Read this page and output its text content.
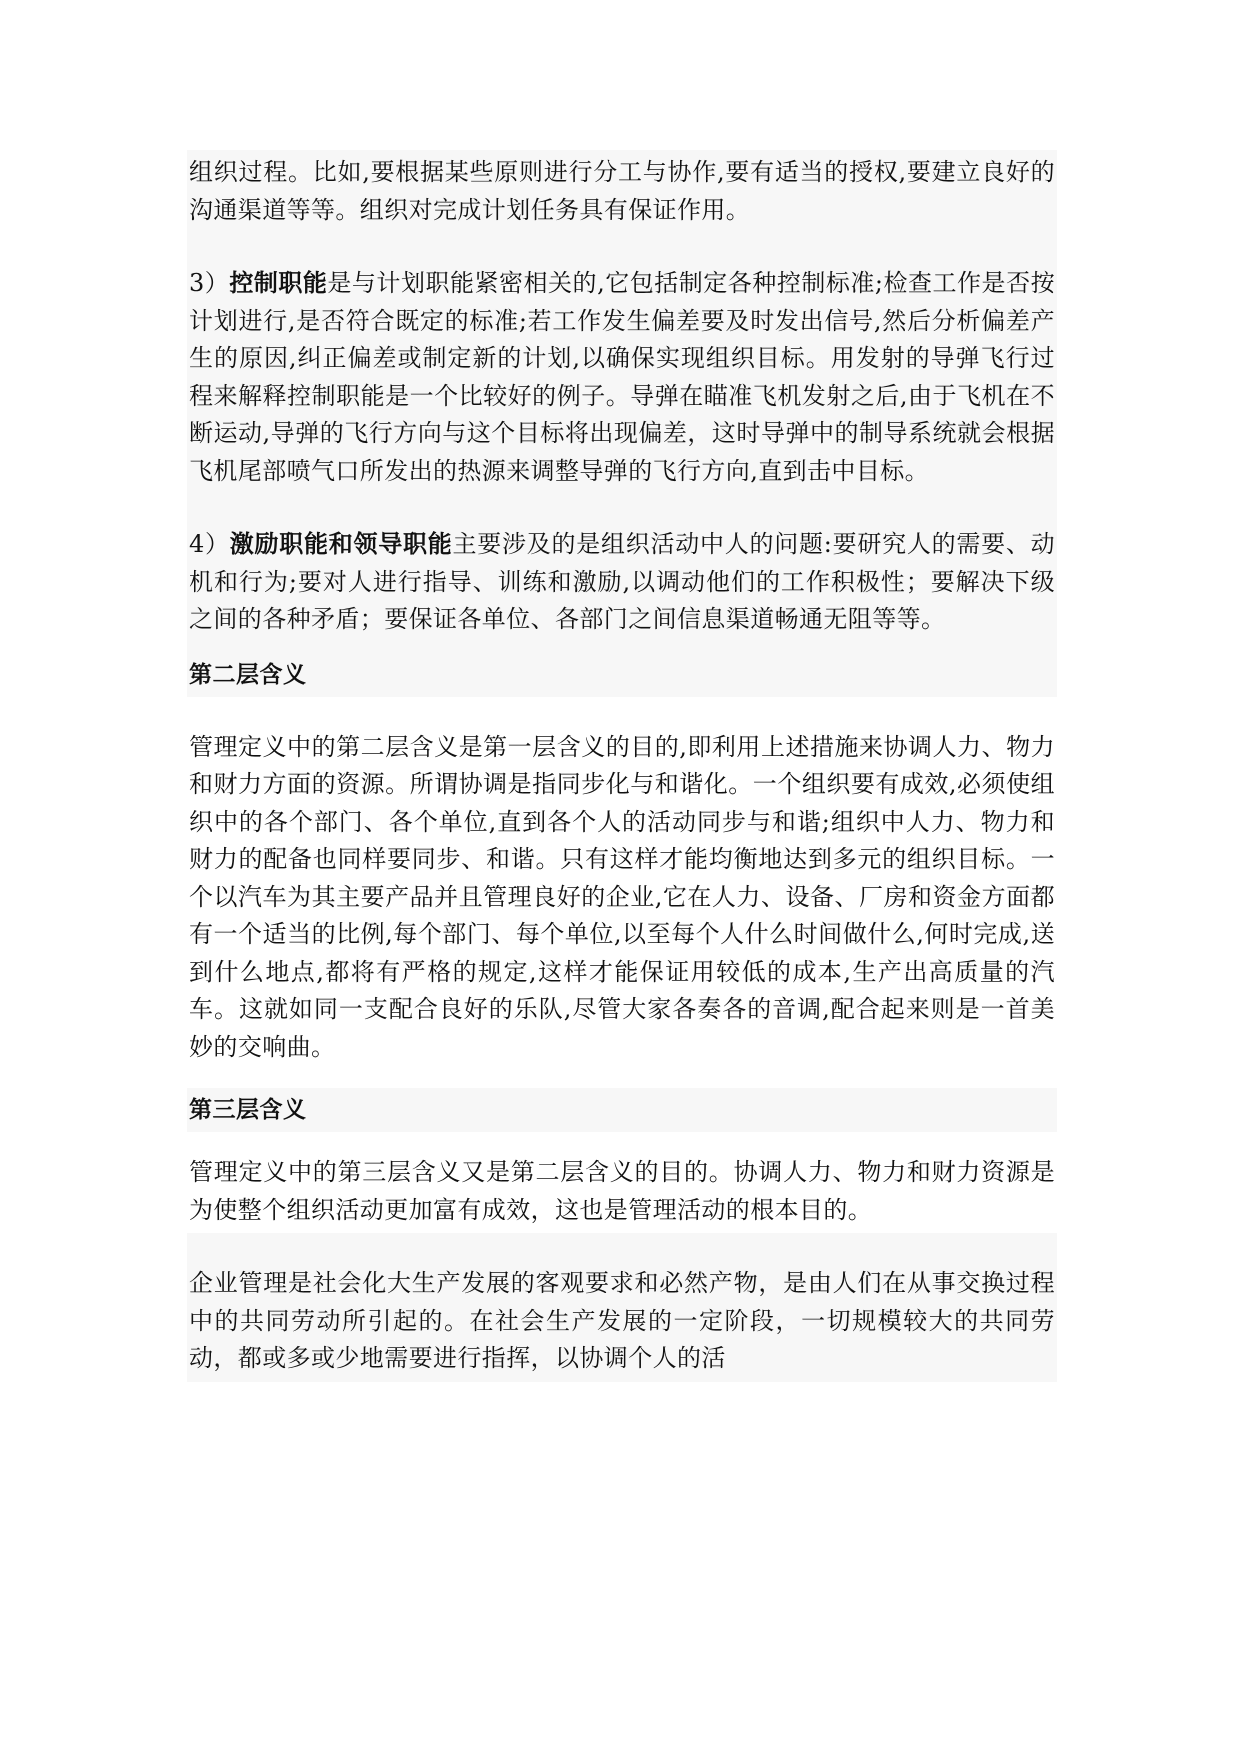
组织过程。比如,要根据某些原则进行分工与协作,要有适当的授权,要建立良好的沟通渠道等等。组织对完成计划任务具有保证作用。

3）控制职能是与计划职能紧密相关的,它包括制定各种控制标准;检查工作是否按计划进行,是否符合既定的标准;若工作发生偏差要及时发出信号,然后分析偏差产生的原因,纠正偏差或制定新的计划,以确保实现组织目标。用发射的导弹飞行过程来解释控制职能是一个比较好的例子。导弹在瞄准飞机发射之后,由于飞机在不断运动,导弹的飞行方向与这个目标将出现偏差，这时导弹中的制导系统就会根据飞机尾部喷气口所发出的热源来调整导弹的飞行方向,直到击中目标。

4）激励职能和领导职能主要涉及的是组织活动中人的问题:要研究人的需要、动机和行为;要对人进行指导、训练和激励,以调动他们的工作积极性；要解决下级之间的各种矛盾；要保证各单位、各部门之间信息渠道畅通无阻等等。

第二层含义

管理定义中的第二层含义是第一层含义的目的,即利用上述措施来协调人力、物力和财力方面的资源。所谓协调是指同步化与和谐化。一个组织要有成效,必须使组织中的各个部门、各个单位,直到各个人的活动同步与和谐;组织中人力、物力和财力的配备也同样要同步、和谐。只有这样才能均衡地达到多元的组织目标。一个以汽车为其主要产品并且管理良好的企业,它在人力、设备、厂房和资金方面都有一个适当的比例,每个部门、每个单位,以至每个人什么时间做什么,何时完成,送到什么地点,都将有严格的规定,这样才能保证用较低的成本,生产出高质量的汽车。这就如同一支配合良好的乐队,尽管大家各奏各的音调,配合起来则是一首美妙的交响曲。

第三层含义

管理定义中的第三层含义又是第二层含义的目的。协调人力、物力和财力资源是为使整个组织活动更加富有成效，这也是管理活动的根本目的。

企业管理是社会化大生产发展的客观要求和必然产物，是由人们在从事交换过程中的共同劳动所引起的。在社会生产发展的一定阶段，一切规模较大的共同劳动，都或多或少地需要进行指挥，以协调个人的活
